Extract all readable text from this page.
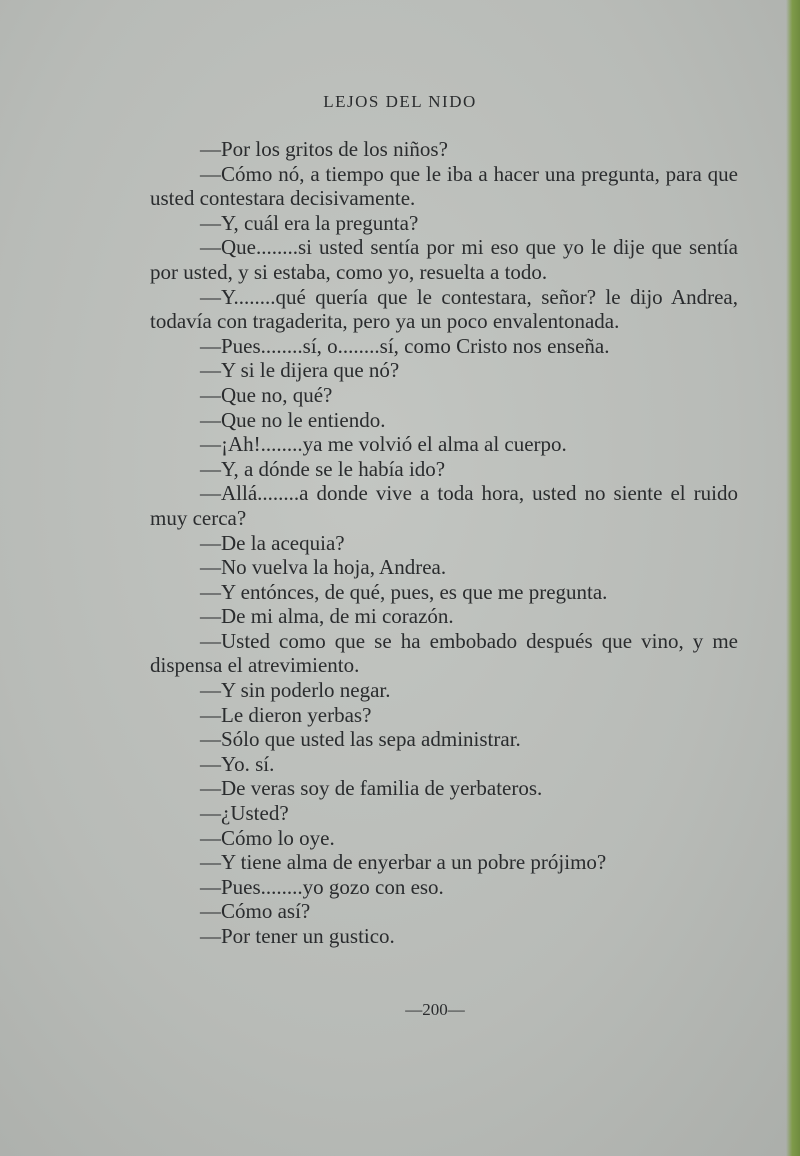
LEJOS DEL NIDO

—Por los gritos de los niños?

—Cómo nó, a tiempo que le iba a hacer una pregunta, para que usted contestara decisivamente.

—Y, cuál era la pregunta?

—Que........si usted sentía por mi eso que yo le dije que sentía por usted, y si estaba, como yo, resuelta a todo.

—Y........qué quería que le contestara, señor? le dijo Andrea, todavía con tragaderita, pero ya un poco envalentonada.

—Pues........sí, o........sí, como Cristo nos enseña.

—Y si le dijera que nó?

—Que no, qué?

—Que no le entiendo.

—¡Ah!........ya me volvió el alma al cuerpo.

—Y, a dónde se le había ido?

—Allá........a donde vive a toda hora, usted no siente el ruido muy cerca?

—De la acequia?

—No vuelva la hoja, Andrea.

—Y entónces, de qué, pues, es que me pregunta.

—De mi alma, de mi corazón.

—Usted como que se ha embobado después que vino, y me dispensa el atrevimiento.

—Y sin poderlo negar.

—Le dieron yerbas?

—Sólo que usted las sepa administrar.

—Yo. sí.

—De veras soy de familia de yerbateros.

—¿Usted?

—Cómo lo oye.

—Y tiene alma de enyerbar a un pobre prójimo?

—Pues........yo gozo con eso.

—Cómo así?

—Por tener un gustico.

—200—
